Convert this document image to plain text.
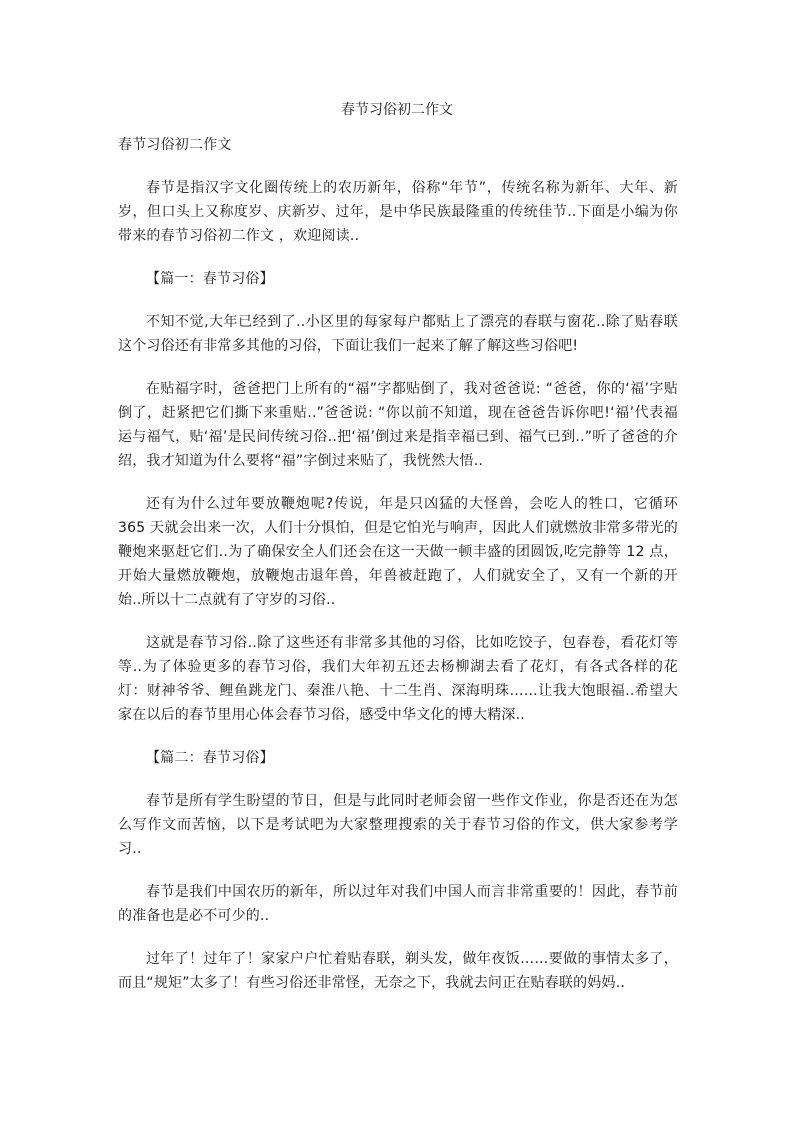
春节习俗初二作文
春节习俗初二作文

春节是指汉字文化圈传统上的农历新年，俗称“年节”，传统名称为新年、大年、新岁，但口头上又称度岁、庆新岁、过年，是中华民族最隆重的传统佳节..下面是小编为你带来的春节习俗初二作文 ，欢迎阅读..

【篇一：春节习俗】

不知不觉,大年已经到了..小区里的每家每户都贴上了漂亮的春联与窗花..除了贴春联这个习俗还有非常多其他的习俗，下面让我们一起来了解了解这些习俗吧!

在贴福字时，爸爸把门上所有的“福”字都贴倒了，我对爸爸说: “爸爸，你的‘福’字贴倒了，赶紧把它们撕下来重贴..”爸爸说: “你以前不知道，现在爸爸告诉你吧!‘福’代表福运与福气，贴‘福’是民间传统习俗..把‘福’倒过来是指幸福已到、福气已到..”听了爸爸的介绍，我才知道为什么要将“福”字倒过来贴了，我恍然大悟..

还有为什么过年要放鞭炮呢?传说，年是只凶猛的大怪兽，会吃人的牲口，它循环 365 天就会出来一次，人们十分惧怕，但是它怕光与响声，因此人们就燃放非常多带光的鞭炮来驱赶它们..为了确保安全人们还会在这一天做一顿丰盛的团圆饭,吃完静等 12 点，开始大量燃放鞭炮，放鞭炮击退年兽，年兽被赶跑了，人们就安全了，又有一个新的开始..所以十二点就有了守岁的习俗..

这就是春节习俗..除了这些还有非常多其他的习俗，比如吃饺子，包春卷，看花灯等等..为了体验更多的春节习俗，我们大年初五还去杨柳湖去看了花灯，有各式各样的花灯：财神爷爷、鲤鱼跳龙门、秦淮八艳、十二生肖、深海明珠……让我大饱眼福..希望大家在以后的春节里用心体会春节习俗，感受中华文化的博大精深..

【篇二：春节习俗】

春节是所有学生盼望的节日，但是与此同时老师会留一些作文作业，你是否还在为怎么写作文而苦恼，以下是考试吧为大家整理搜索的关于春节习俗的作文，供大家参考学习..

春节是我们中国农历的新年，所以过年对我们中国人而言非常重要的！因此，春节前的准备也是必不可少的..

过年了！过年了！家家户户忙着贴春联，剃头发，做年夜饭……要做的事情太多了，而且“规矩”太多了！有些习俗还非常怪，无奈之下，我就去问正在贴春联的妈妈..
